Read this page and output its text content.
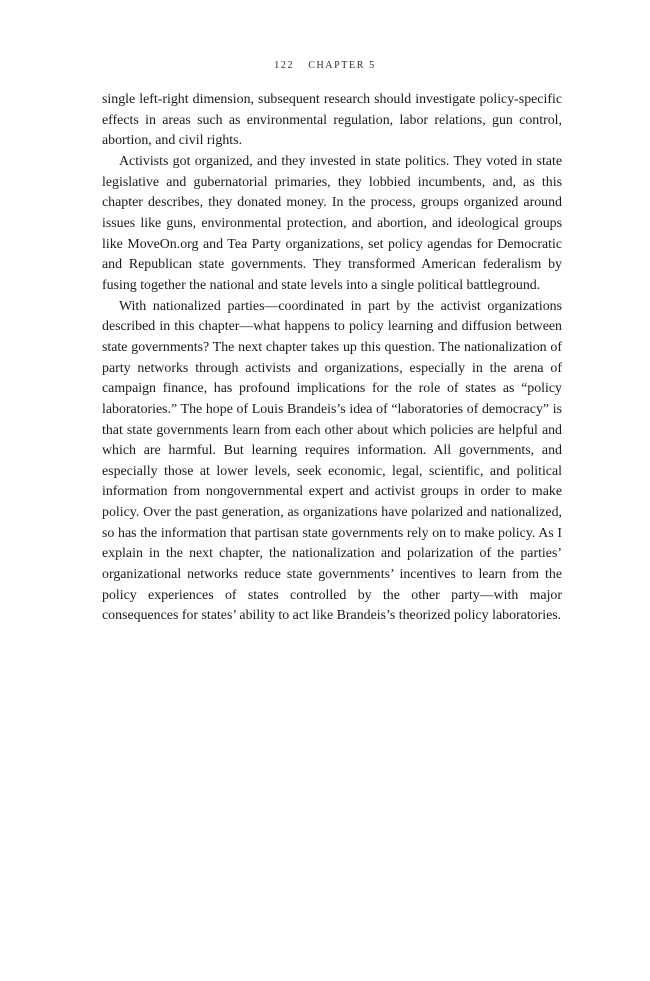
122 CHAPTER 5

single left-right dimension, subsequent research should investigate policy-specific effects in areas such as environmental regulation, labor relations, gun control, abortion, and civil rights.

Activists got organized, and they invested in state politics. They voted in state legislative and gubernatorial primaries, they lobbied incumbents, and, as this chapter describes, they donated money. In the process, groups organized around issues like guns, environmental protection, and abortion, and ideological groups like MoveOn.org and Tea Party organizations, set policy agendas for Democratic and Republican state governments. They transformed American federalism by fusing together the national and state levels into a single political battleground.

With nationalized parties—coordinated in part by the activist organizations described in this chapter—what happens to policy learning and diffusion between state governments? The next chapter takes up this question. The nationalization of party networks through activists and organizations, especially in the arena of campaign finance, has profound implications for the role of states as “policy laboratories.” The hope of Louis Brandeis’s idea of “laboratories of democracy” is that state governments learn from each other about which policies are helpful and which are harmful. But learning requires information. All governments, and especially those at lower levels, seek economic, legal, scientific, and political information from nongovernmental expert and activist groups in order to make policy. Over the past generation, as organizations have polarized and nationalized, so has the information that partisan state governments rely on to make policy. As I explain in the next chapter, the nationalization and polarization of the parties’ organizational networks reduce state governments’ incentives to learn from the policy experiences of states controlled by the other party—with major consequences for states’ ability to act like Brandeis’s theorized policy laboratories.
